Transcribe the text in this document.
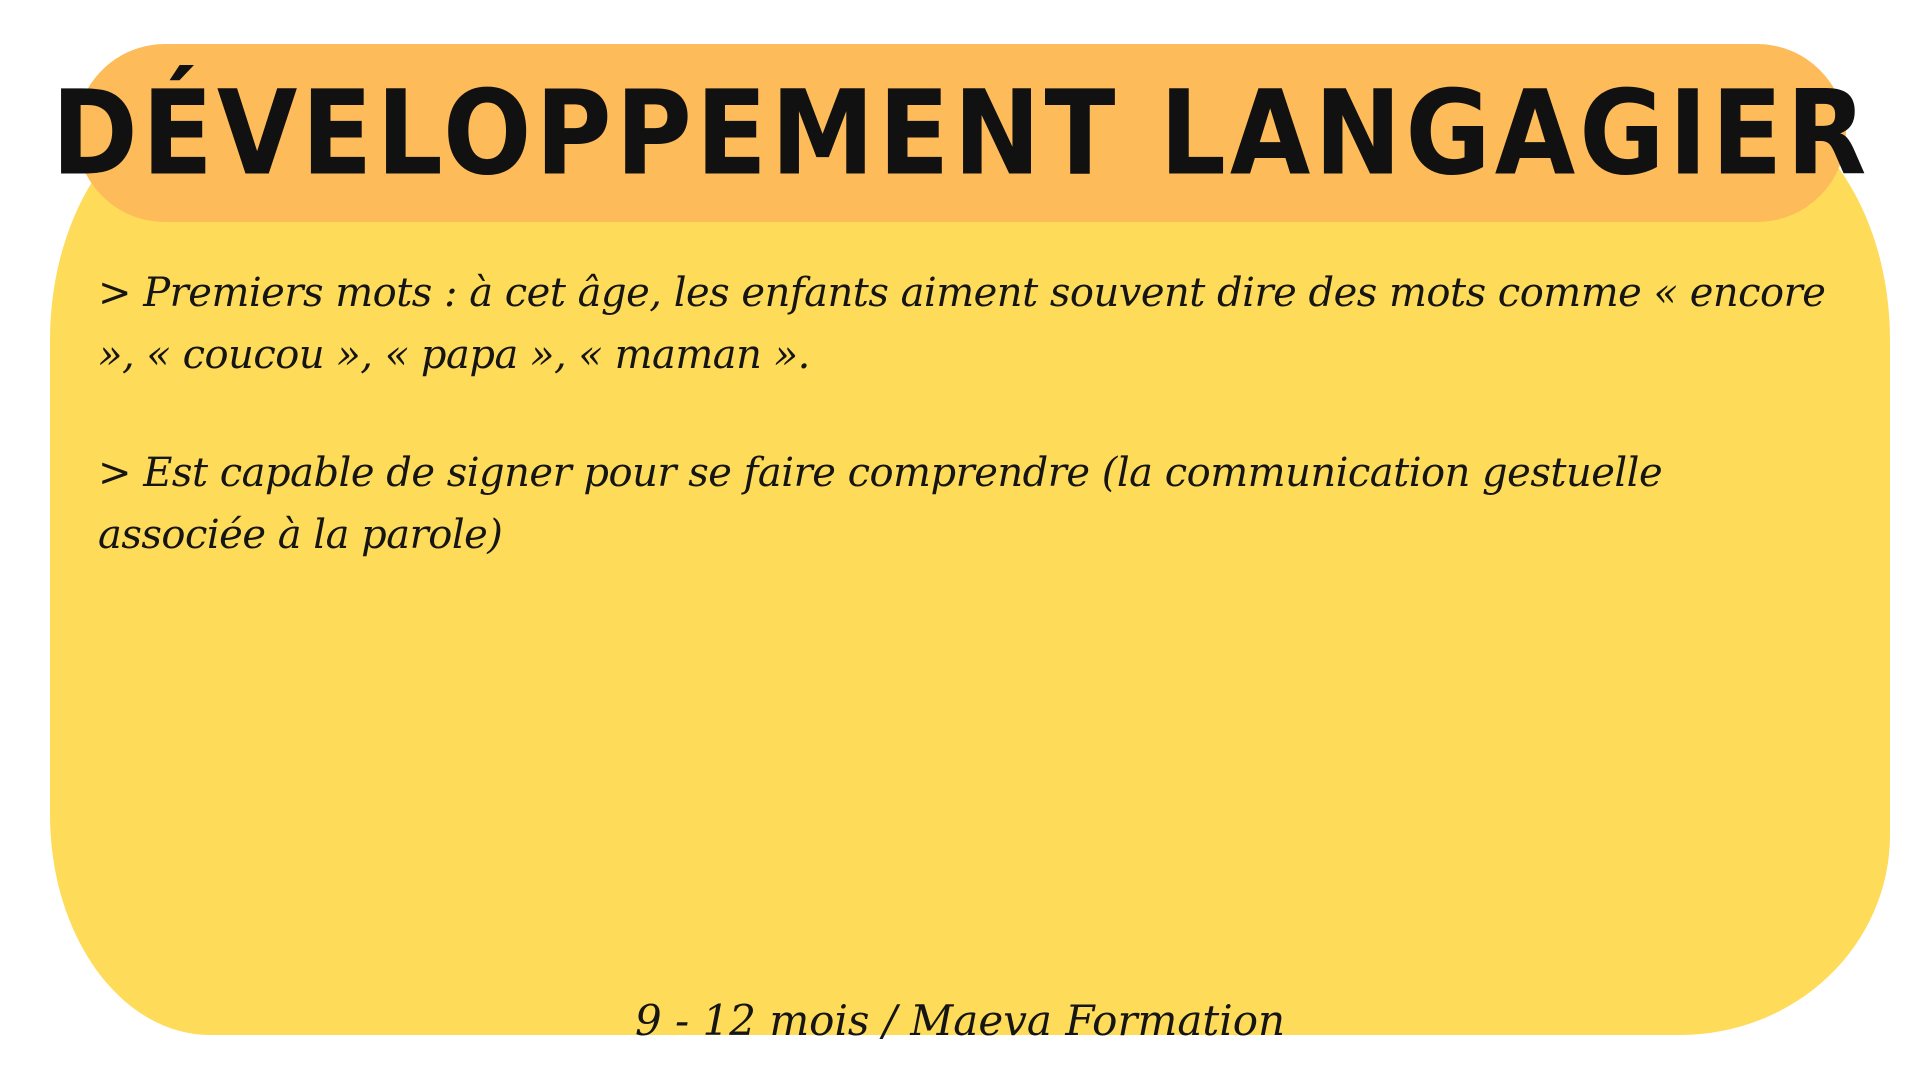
DÉVELOPPEMENT LANGAGIER

> Premiers mots : à cet âge, les enfants aiment souvent dire des mots comme « encore », « coucou », « papa », « maman ».

> Est capable de signer pour se faire comprendre (la communication gestuelle associée à la parole)

9 - 12 mois / Maeva Formation
